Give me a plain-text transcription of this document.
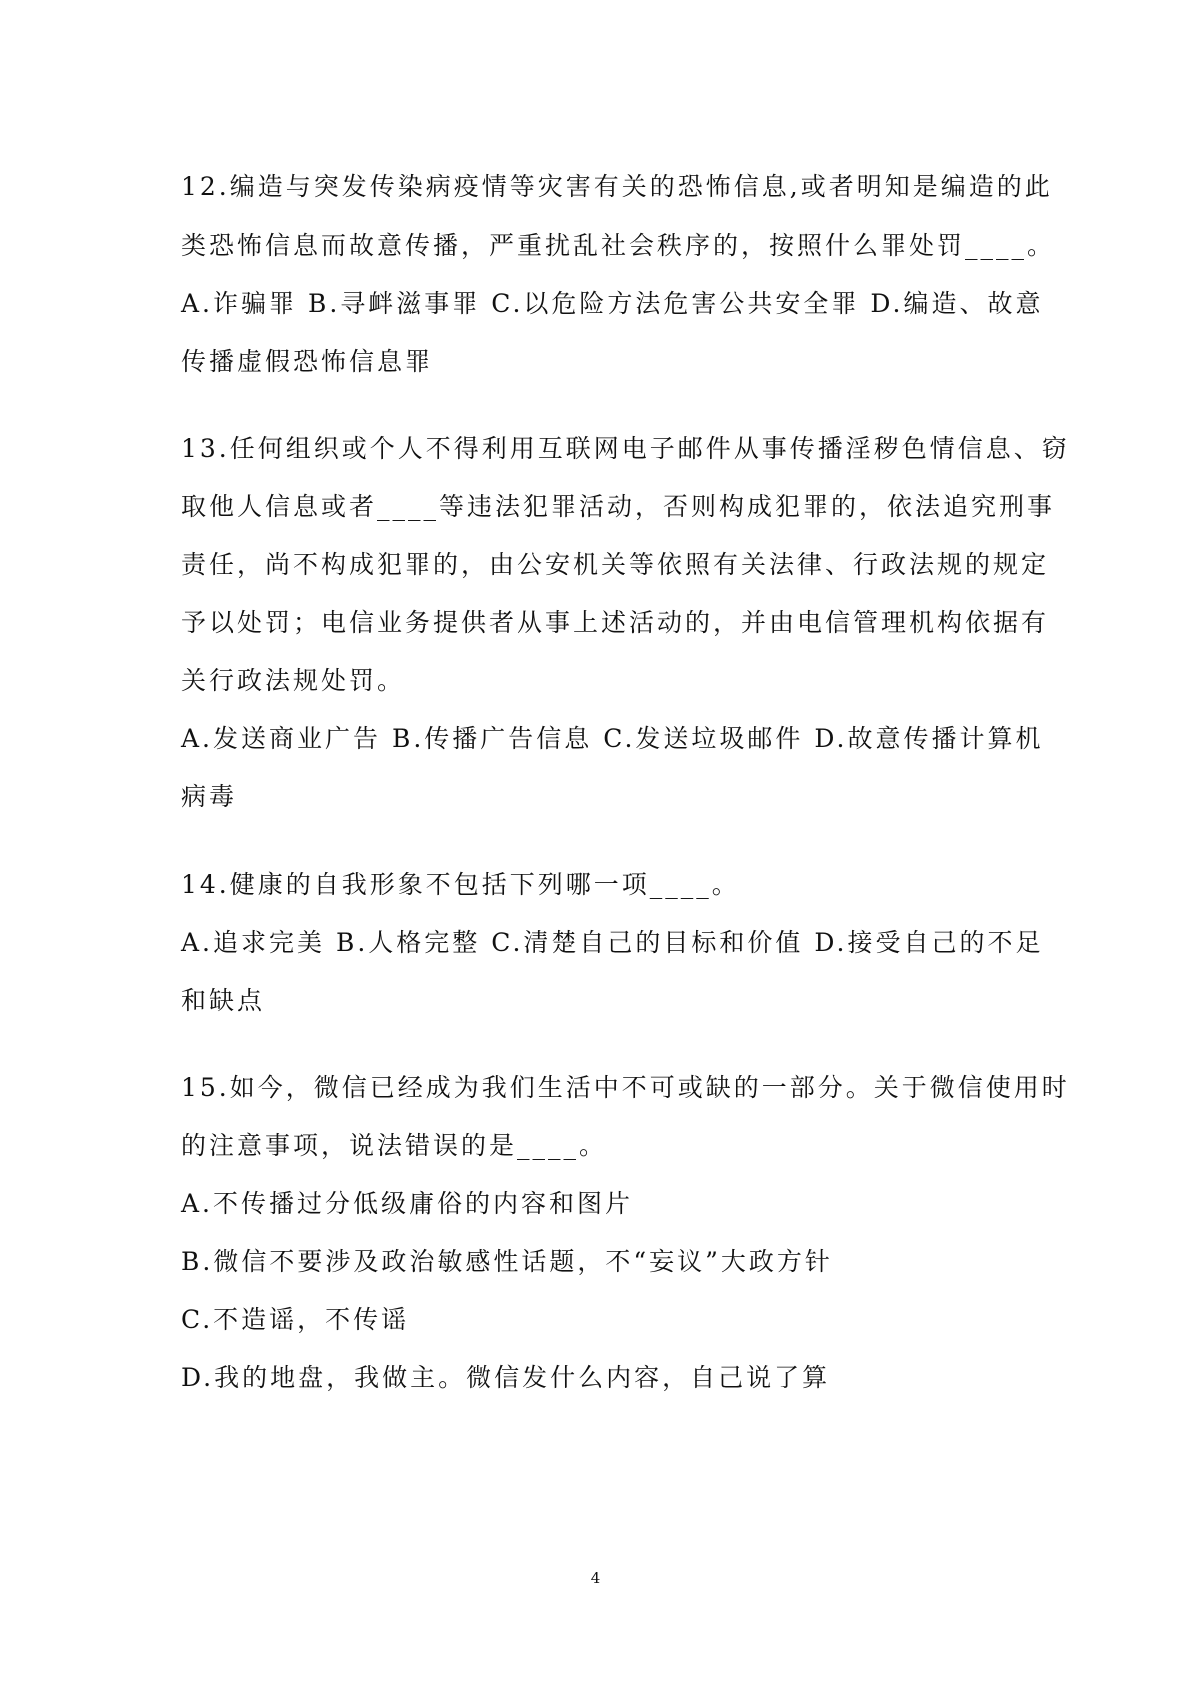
12.编造与突发传染病疫情等灾害有关的恐怖信息,或者明知是编造的此
类恐怖信息而故意传播，严重扰乱社会秩序的，按照什么罪处罚____。
A.诈骗罪 B.寻衅滋事罪 C.以危险方法危害公共安全罪 D.编造、故意
传播虚假恐怖信息罪
13.任何组织或个人不得利用互联网电子邮件从事传播淫秽色情信息、窃
取他人信息或者____等违法犯罪活动，否则构成犯罪的，依法追究刑事
责任，尚不构成犯罪的，由公安机关等依照有关法律、行政法规的规定
予以处罚；电信业务提供者从事上述活动的，并由电信管理机构依据有
关行政法规处罚。
A.发送商业广告 B.传播广告信息 C.发送垃圾邮件 D.故意传播计算机
病毒
14.健康的自我形象不包括下列哪一项____。
A.追求完美 B.人格完整 C.清楚自己的目标和价值 D.接受自己的不足
和缺点
15.如今，微信已经成为我们生活中不可或缺的一部分。关于微信使用时
的注意事项，说法错误的是____。
A.不传播过分低级庸俗的内容和图片
B.微信不要涉及政治敏感性话题，不“妄议”大政方针
C.不造谣，不传谣
D.我的地盘，我做主。微信发什么内容，自己说了算
4
